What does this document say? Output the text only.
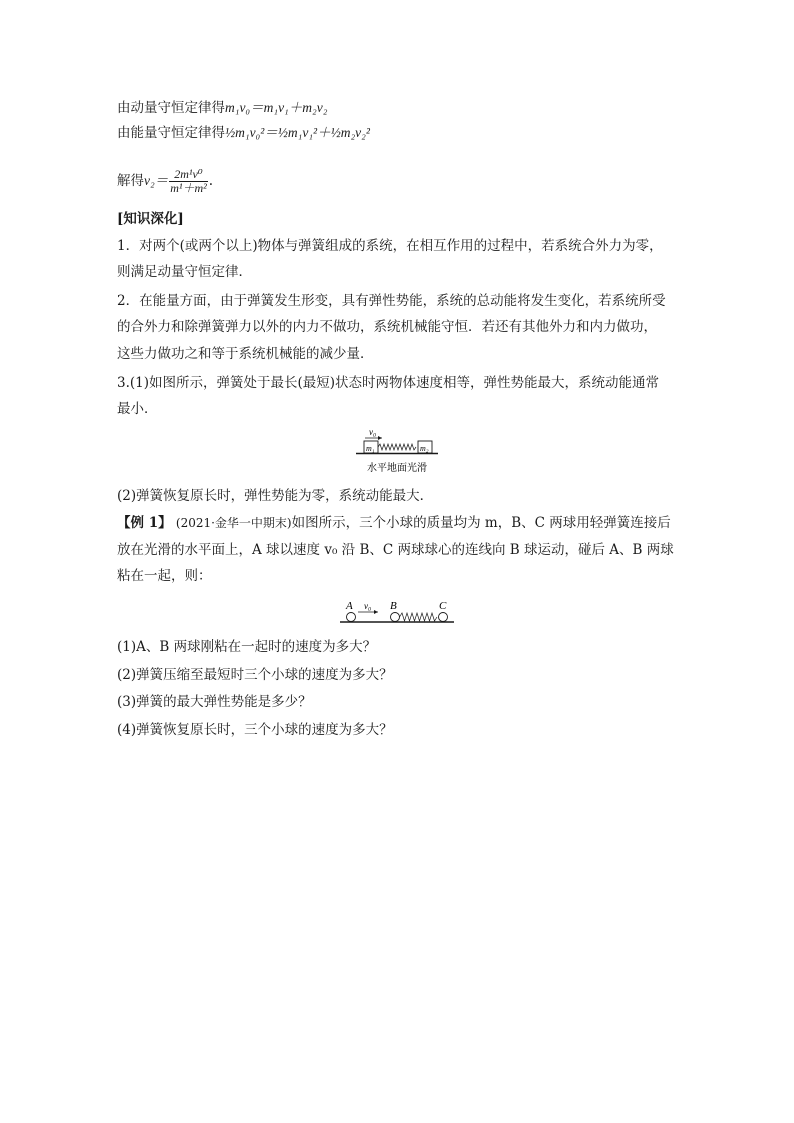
由动量守恒定律得m₁v₀＝m₁v₁＋m₂v₂
由能量守恒定律得½m₁v₀²＝½m₁v₁²＋½m₂v₂²
解得$v_2= \frac{\text{2m¹v⁰}}{\text{m¹＋m²}}$ .
[知识深化]
1．对两个(或两个以上)物体与弹簧组成的系统，在相互作用的过程中，若系统合外力为零，
则满足动量守恒定律．
2．在能量方面，由于弹簧发生形变，具有弹性势能，系统的总动能将发生变化，若系统所受
的合外力和除弹簧弹力以外的内力不做功，系统机械能守恒．若还有其他外力和内力做功，
这些力做功之和等于系统机械能的减少量．
3.(1)如图所示，弹簧处于最长(最短)状态时两物体速度相等，弹性势能最大，系统动能通常
最小．
v₀
m₁	m₂
水平地面光滑
(2)弹簧恢复原长时，弹性势能为零，系统动能最大．
【例 1】 (2021·金华一中期末)如图所示，三个小球的质量均为 m，B、C 两球用轻弹簧连接后
放在光滑的水平面上，A 球以速度 v₀ 沿 B、C 两球球心的连线向 B 球运动，碰后 A、B 两球
粘在一起，则：
A v₀ B	C
(1)A、B 两球刚粘在一起时的速度为多大？
(2)弹簧压缩至最短时三个小球的速度为多大？
(3)弹簧的最大弹性势能是多少？
(4)弹簧恢复原长时，三个小球的速度为多大？
